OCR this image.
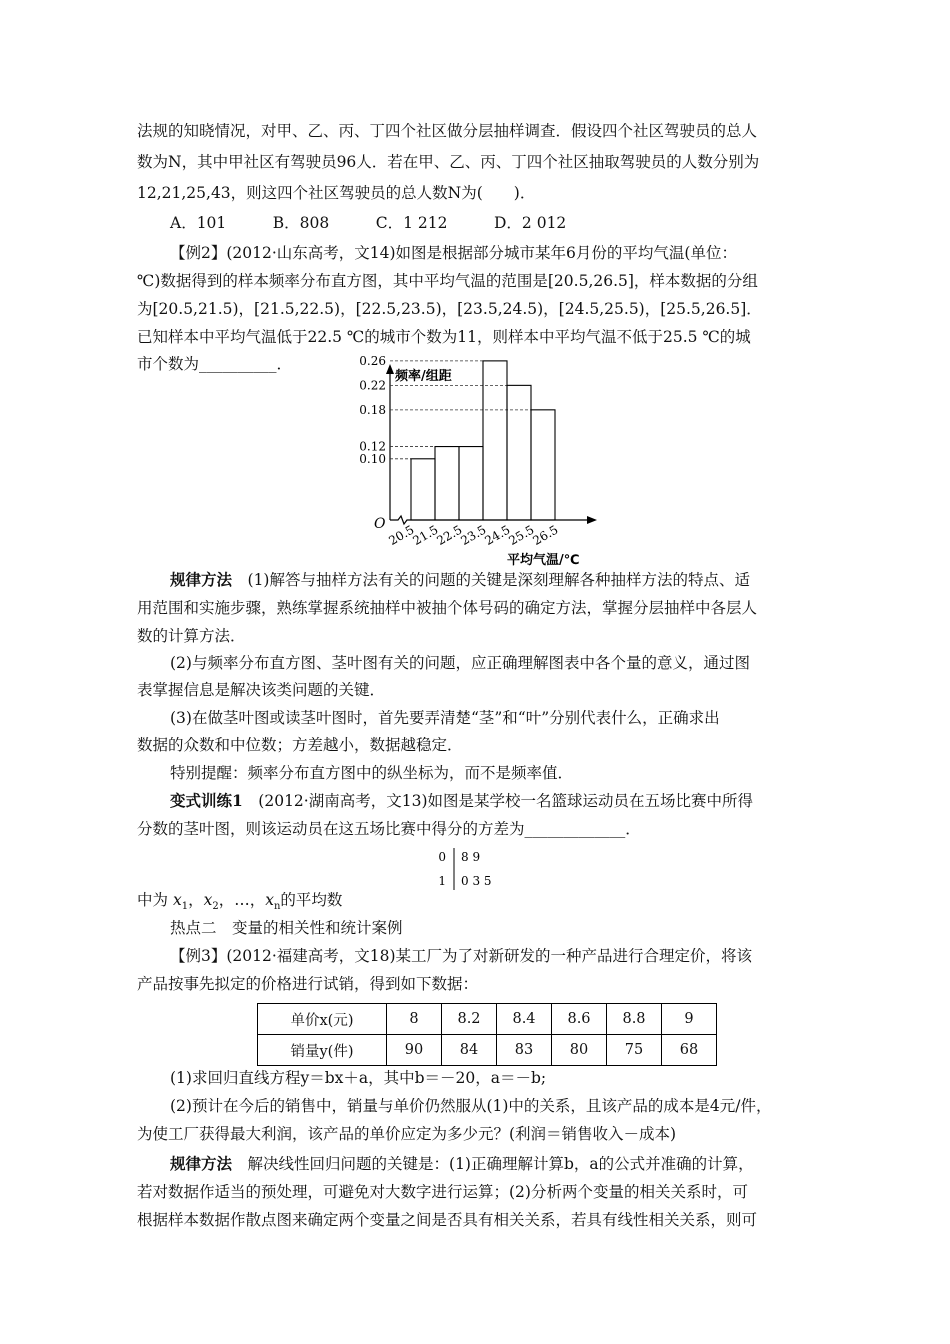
法规的知晓情况，对甲、乙、丙、丁四个社区做分层抽样调查．假设四个社区驾驶员的总人
数为N，其中甲社区有驾驶员96人．若在甲、乙、丙、丁四个社区抽取驾驶员的人数分别为
12,21,25,43，则这四个社区驾驶员的总人数N为(　　)．
A．101　　　B．808　　　C．1 212　　　D．2 012
【例2】(2012·山东高考，文14)如图是根据部分城市某年6月份的平均气温(单位：
℃)数据得到的样本频率分布直方图，其中平均气温的范围是[20.5,26.5]，样本数据的分组
为[20.5,21.5)，[21.5,22.5)，[22.5,23.5)，[23.5,24.5)，[24.5,25.5)，[25.5,26.5]．
已知样本中平均气温低于22.5 ℃的城市个数为11，则样本中平均气温不低于25.5 ℃的城
市个数为__________．
频率/组距
O
0.10
0.12
0.18
0.22
0.26
20.5
21.5
22.5
23.5
24.5
25.5
26.5
平均气温/℃
规律方法　(1)解答与抽样方法有关的问题的关键是深刻理解各种抽样方法的特点、适
用范围和实施步骤，熟练掌握系统抽样中被抽个体号码的确定方法，掌握分层抽样中各层人
数的计算方法．
(2)与频率分布直方图、茎叶图有关的问题，应正确理解图表中各个量的意义，通过图
表掌握信息是解决该类问题的关键．
(3)在做茎叶图或读茎叶图时，首先要弄清楚“茎”和“叶”分别代表什么，正确求出
数据的众数和中位数；方差越小，数据越稳定．
特别提醒：频率分布直方图中的纵坐标为，而不是频率值．
变式训练1　(2012·湖南高考，文13)如图是某学校一名篮球运动员在五场比赛中所得
分数的茎叶图，则该运动员在这五场比赛中得分的方差为_____________．
0 8 9
1 0 3 5
中为 $x_1$，$x_2$，…，$x_n$的平均数
热点二　变量的相关性和统计案例
【例3】(2012·福建高考，文18)某工厂为了对新研发的一种产品进行合理定价，将该
产品按事先拟定的价格进行试销，得到如下数据：
单价x(元)	8	8.2	8.4	8.6	8.8	9
销量y(件)	90	84	83	80	75	68
(1)求回归直线方程y＝bx＋a，其中b＝－20，a＝－b;
(2)预计在今后的销售中，销量与单价仍然服从(1)中的关系，且该产品的成本是4元/件，
为使工厂获得最大利润，该产品的单价应定为多少元？(利润＝销售收入－成本)
规律方法　解决线性回归问题的关键是：(1)正确理解计算b，a的公式并准确的计算，
若对数据作适当的预处理，可避免对大数字进行运算；(2)分析两个变量的相关关系时，可
根据样本数据作散点图来确定两个变量之间是否具有相关关系，若具有线性相关关系，则可
